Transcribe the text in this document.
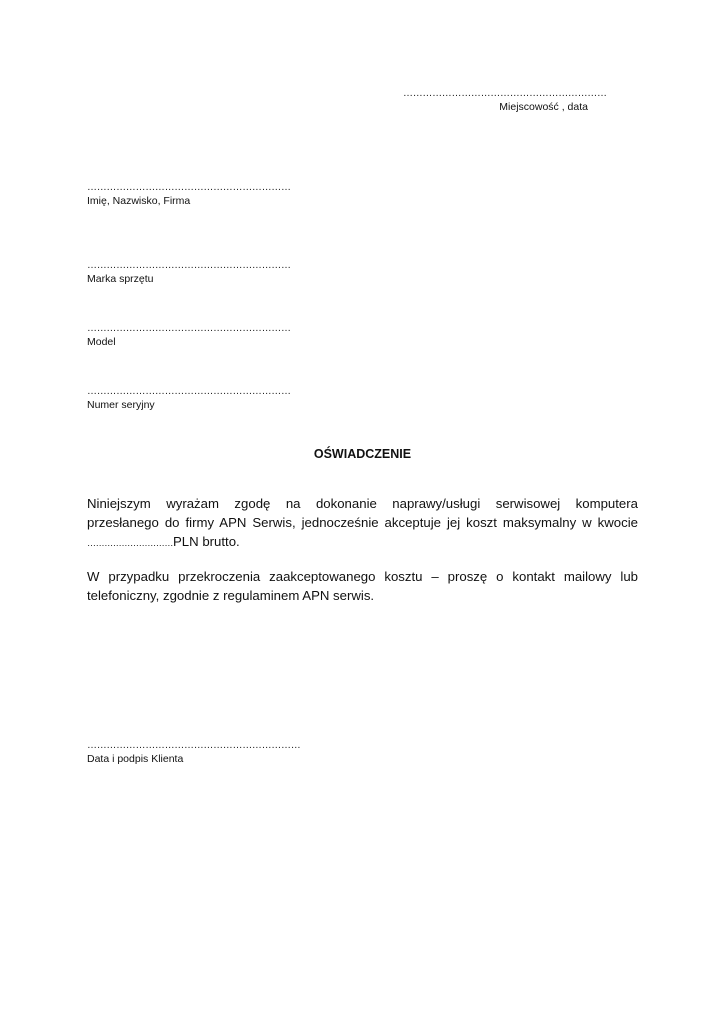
………………………………………………………
Miejscowość , data
………………………………………………………
Imię, Nazwisko, Firma
………………………………………………………
Marka sprzętu
………………………………………………………
Model
………………………………………………………
Numer seryjny
OŚWIADCZENIE
Niniejszym wyrażam zgodę na dokonanie naprawy/usługi serwisowej komputera
przesłanego do firmy APN Serwis, jednocześnie akceptuje jej koszt maksymalny w kwocie
…………………………PLN brutto.
W przypadku przekroczenia zaakceptowanego kosztu – proszę o kontakt mailowy lub
telefoniczny, zgodnie z regulaminem APN serwis.
…………………………………………………………
Data i podpis Klienta
